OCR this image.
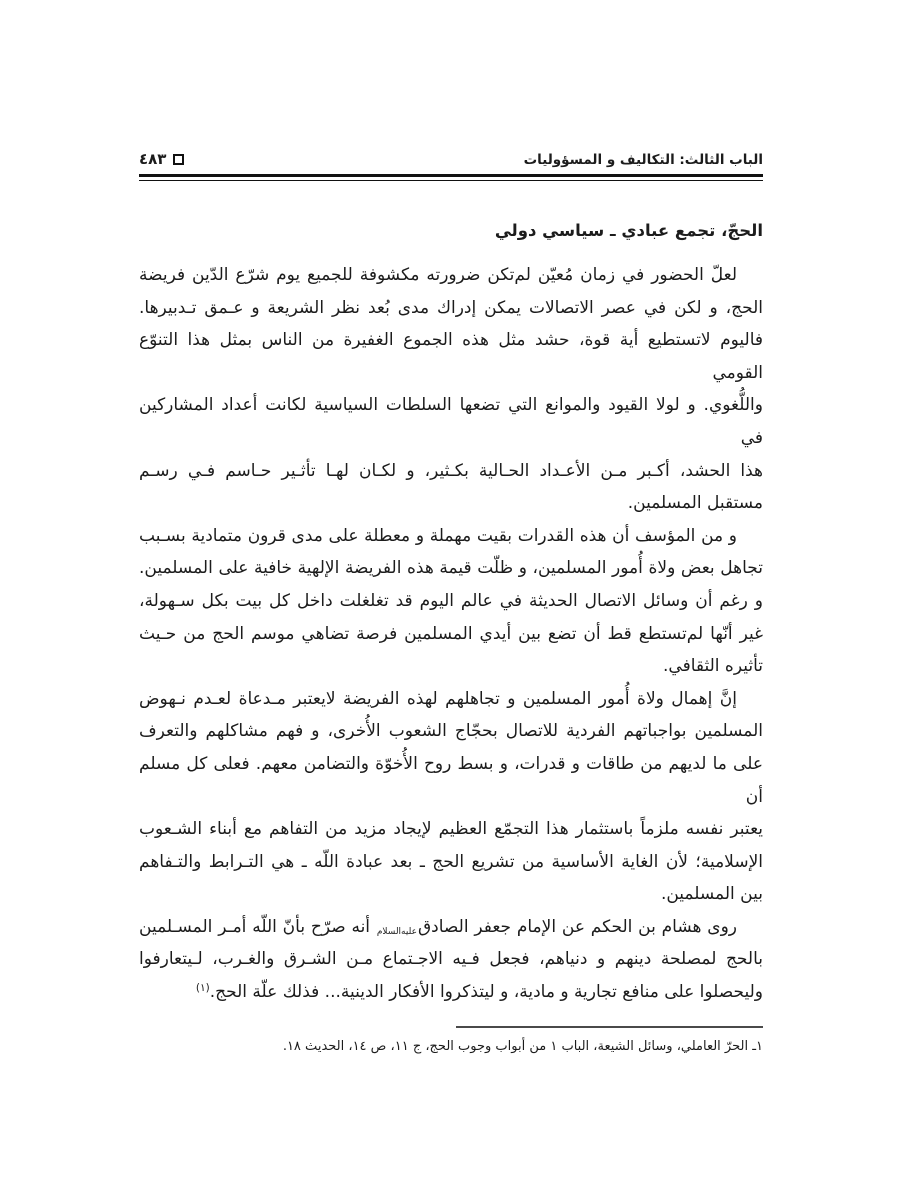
الباب الثالث: التكاليف و المسؤوليات
٤٨٣
الحجّ، تجمع عبادي ـ سياسي دولي
لعلّ الحضور في زمان مُعيّن لم‌تكن ضرورته مكشوفة للجميع يوم شرّع الدّين فريضة
الحج، و لكن في عصر الاتصالات يمكن إدراك مدى بُعد نظر الشريعة و عـمق تـدبيرها.
فاليوم لاتستطيع أية قوة، حشد مثل هذه الجموع الغفيرة من الناس بمثل هذا التنوّع القومي
واللُّغوي. و لولا القيود والموانع التي تضعها السلطات السياسية لكانت أعداد المشاركين في
هذا الحشد، أكـبر مـن الأعـداد الحـالية بكـثير، و لكـان لهـا تأثـير حـاسم فـي رسـم
مستقبل المسلمين.
و من المؤسف أن هذه القدرات بقيت مهملة و معطلة على مدى قرون متمادية بسـبب
تجاهل بعض ولاة أُمور المسلمين، و ظلّت قيمة هذه الفريضة الإلهية خافية على المسلمين.
و رغم أن وسائل الاتصال الحديثة في عالم اليوم قد تغلغلت داخل كل بيت بكل سـهولة،
غير أنّها لم‌تستطع قط أن تضع بين أيدي المسلمين فرصة تضاهي موسم الحج من حـيث
تأثيره الثقافي.
إنَّ إهمال ولاة أُمور المسلمين و تجاهلهم لهذه الفريضة لايعتبر مـدعاة لعـدم نـهوض
المسلمين بواجباتهم الفردية للاتصال بحجّاج الشعوب الأُخرى، و فهم مشاكلهم والتعرف
على ما لديهم من طاقات و قدرات، و بسط روح الأُخوّة والتضامن معهم. فعلى كل مسلم أن
يعتبر نفسه ملزماً باستثمار هذا التجمّع العظيم لإيجاد مزيد من التفاهم مع أبناء الشـعوب
الإسلامية؛ لأن الغاية الأساسية من تشريع الحج ـ بعد عبادة اللّه ـ هي التـرابط والتـفاهم
بين المسلمين.
روى هشام بن الحكم عن الإمام جعفر الصادقعليه‌السلام أنه صرّح بأنّ اللّه أمـر المسـلمين
بالحج لمصلحة دينهم و دنياهم، فجعل فـيه الاجـتماع مـن الشـرق والغـرب، لـيتعارفوا
وليحصلوا على منافع تجارية و مادية، و ليتذكروا الأفكار الدينية... فذلك علّة الحج.$^{(١)}$
١ـ الحرّ العاملي، وسائل الشيعة، الباب ١ من أبواب وجوب الحج، ج ١١، ص ١٤، الحديث ١٨.
